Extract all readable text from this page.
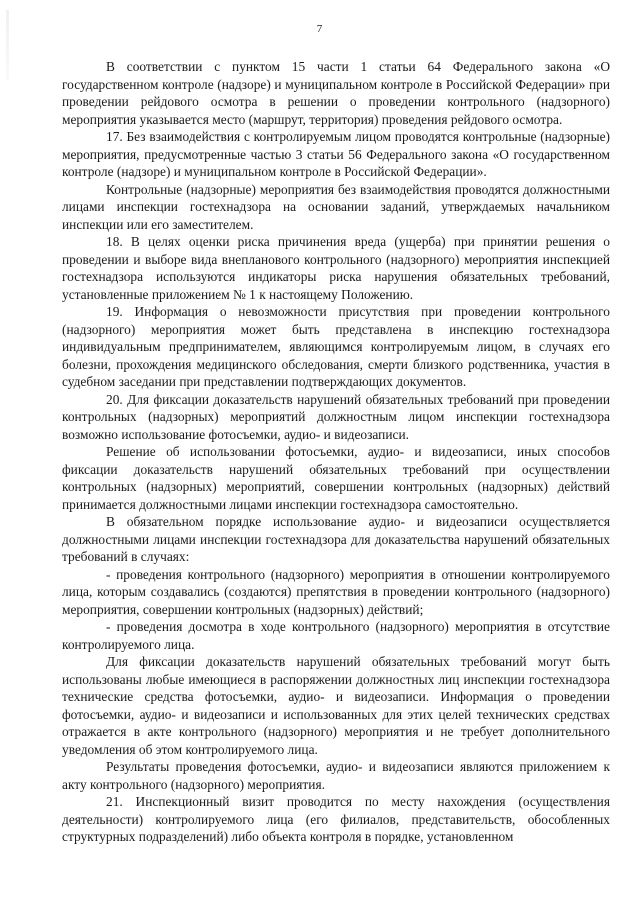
7

В соответствии с пунктом 15 части 1 статьи 64 Федерального закона «О государственном контроле (надзоре) и муниципальном контроле в Российской Федерации» при проведении рейдового осмотра в решении о проведении контрольного (надзорного) мероприятия указывается место (маршрут, территория) проведения рейдового осмотра.

17. Без взаимодействия с контролируемым лицом проводятся контрольные (надзорные) мероприятия, предусмотренные частью 3 статьи 56 Федерального закона «О государственном контроле (надзоре) и муниципальном контроле в Российской Федерации».

Контрольные (надзорные) мероприятия без взаимодействия проводятся должностными лицами инспекции гостехнадзора на основании заданий, утверждаемых начальником инспекции или его заместителем.

18. В целях оценки риска причинения вреда (ущерба) при принятии решения о проведении и выборе вида внепланового контрольного (надзорного) мероприятия инспекцией гостехнадзора используются индикаторы риска нарушения обязательных требований, установленные приложением № 1 к настоящему Положению.

19. Информация о невозможности присутствия при проведении контрольного (надзорного) мероприятия может быть представлена в инспекцию гостехнадзора индивидуальным предпринимателем, являющимся контролируемым лицом, в случаях его болезни, прохождения медицинского обследования, смерти близкого родственника, участия в судебном заседании при представлении подтверждающих документов.

20. Для фиксации доказательств нарушений обязательных требований при проведении контрольных (надзорных) мероприятий должностным лицом инспекции гостехнадзора возможно использование фотосъемки, аудио- и видеозаписи.

Решение об использовании фотосъемки, аудио- и видеозаписи, иных способов фиксации доказательств нарушений обязательных требований при осуществлении контрольных (надзорных) мероприятий, совершении контрольных (надзорных) действий принимается должностными лицами инспекции гостехнадзора самостоятельно.

В обязательном порядке использование аудио- и видеозаписи осуществляется должностными лицами инспекции гостехнадзора для доказательства нарушений обязательных требований в случаях:

- проведения контрольного (надзорного) мероприятия в отношении контролируемого лица, которым создавались (создаются) препятствия в проведении контрольного (надзорного) мероприятия, совершении контрольных (надзорных) действий;

- проведения досмотра в ходе контрольного (надзорного) мероприятия в отсутствие контролируемого лица.

Для фиксации доказательств нарушений обязательных требований могут быть использованы любые имеющиеся в распоряжении должностных лиц инспекции гостехнадзора технические средства фотосъемки, аудио- и видеозаписи. Информация о проведении фотосъемки, аудио- и видеозаписи и использованных для этих целей технических средствах отражается в акте контрольного (надзорного) мероприятия и не требует дополнительного уведомления об этом контролируемого лица.

Результаты проведения фотосъемки, аудио- и видеозаписи являются приложением к акту контрольного (надзорного) мероприятия.

21. Инспекционный визит проводится по месту нахождения (осуществления деятельности) контролируемого лица (его филиалов, представительств, обособленных структурных подразделений) либо объекта контроля в порядке, установленном
